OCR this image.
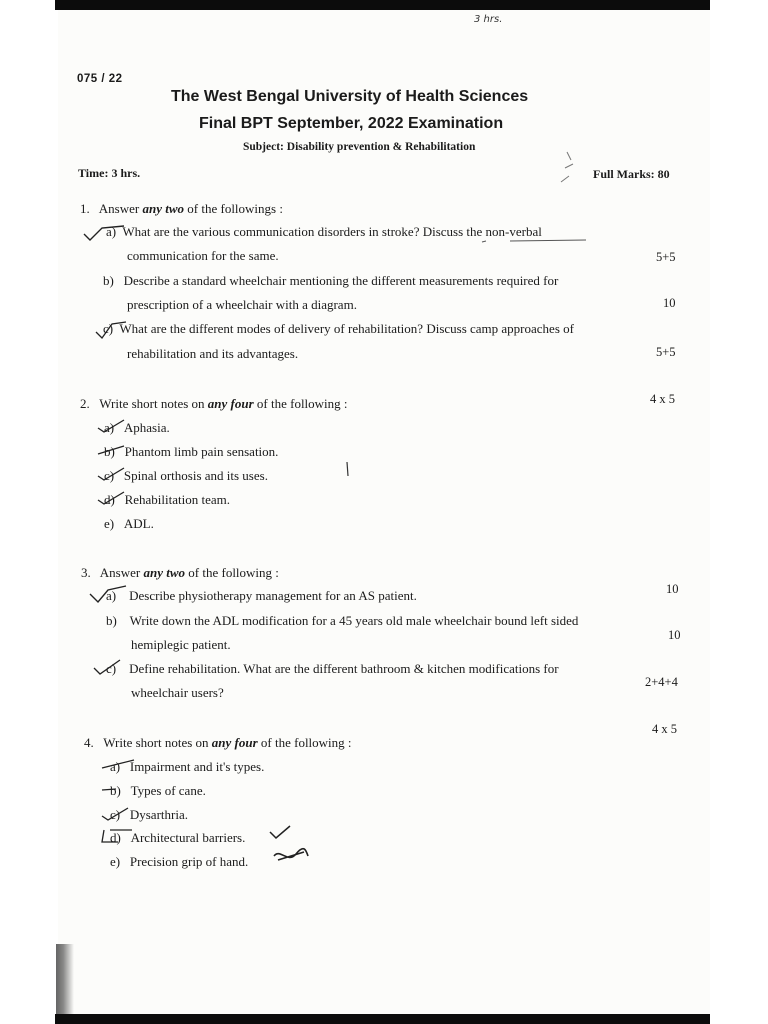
3 hrs.
075 / 22
The West Bengal University of Health Sciences
Final BPT September, 2022 Examination
Subject: Disability prevention & Rehabilitation
Time: 3 hrs.	Full Marks: 80
1. Answer any two of the followings :
a) What are the various communication disorders in stroke? Discuss the non-verbal
communication for the same.	5+5
b) Describe a standard wheelchair mentioning the different measurements required for
prescription of a wheelchair with a diagram.	10
c) What are the different modes of delivery of rehabilitation? Discuss camp approaches of
rehabilitation and its advantages.	5+5
2. Write short notes on any four of the following :	4 x 5
a) Aphasia.
b) Phantom limb pain sensation.
c) Spinal orthosis and its uses.
d) Rehabilitation team.
e) ADL.
3. Answer any two of the following :
a) Describe physiotherapy management for an AS patient.	10
b) Write down the ADL modification for a 45 years old male wheelchair bound left sided
hemiplegic patient.
10
c) Define rehabilitation. What are the different bathroom & kitchen modifications for
wheelchair users?
2+4+4
4. Write short notes on any four of the following :
4 x 5
a) Impairment and it's types.
b) Types of cane.
c) Dysarthria.
d) Architectural barriers.
e) Precision grip of hand.
